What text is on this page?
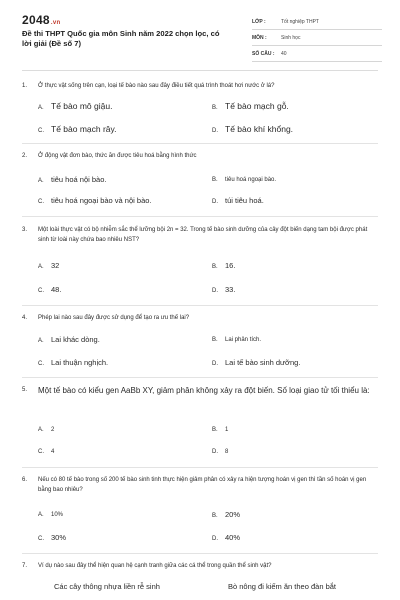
2048.vn
Đề thi THPT Quốc gia môn Sinh năm 2022 chọn lọc, có lời giải (Đề số 7)
LỚP :	Tốt nghiệp THPT
MÔN :	Sinh học
SỐ CÂU :	40
1. Ở thực vật sống trên cạn, loại tế bào nào sau đây điều tiết quá trình thoát hơi nước ở lá?
A. Tế bào mô giậu.	B. Tế bào mạch gỗ.
C. Tế bào mạch rây.	D. Tế bào khí khổng.
2. Ở động vật đơn bào, thức ăn được tiêu hoá bằng hình thức
A. tiêu hoá nội bào.	B. tiêu hoá ngoại bào.
C. tiêu hoá ngoại bào và nội bào.	D. túi tiêu hoá.
3. Một loài thực vật có bộ nhiễm sắc thể lưỡng bội 2n = 32. Trong tế bào sinh dưỡng của cây đột biến dạng tam bội được phát sinh từ loài này chứa bao nhiêu NST?
A. 32	B. 16.
C. 48.	D. 33.
4. Phép lai nào sau đây được sử dụng để tạo ra ưu thế lai?
A. Lai khác dòng.	B. Lai phân tích.
C. Lai thuận nghịch.	D. Lai tế bào sinh dưỡng.
5. Một tế bào có kiểu gen AaBb XY, giảm phân không xảy ra đột biến. Số loại giao tử tối thiểu là:
A. 2	B. 1
C. 4	D. 8
6. Nếu có 80 tế bào trong số 200 tế bào sinh tinh thực hiện giảm phân có xảy ra hiện tượng hoán vị gen thì tần số hoán vị gen bằng bao nhiêu?
A. 10%	B. 20%
C. 30%	D. 40%
7. Ví dụ nào sau đây thể hiện quan hệ cạnh tranh giữa các cá thể trong quần thể sinh vật?
Các cây thông nhựa liền rễ sinh	Bò nông đi kiếm ăn theo đàn bắt
